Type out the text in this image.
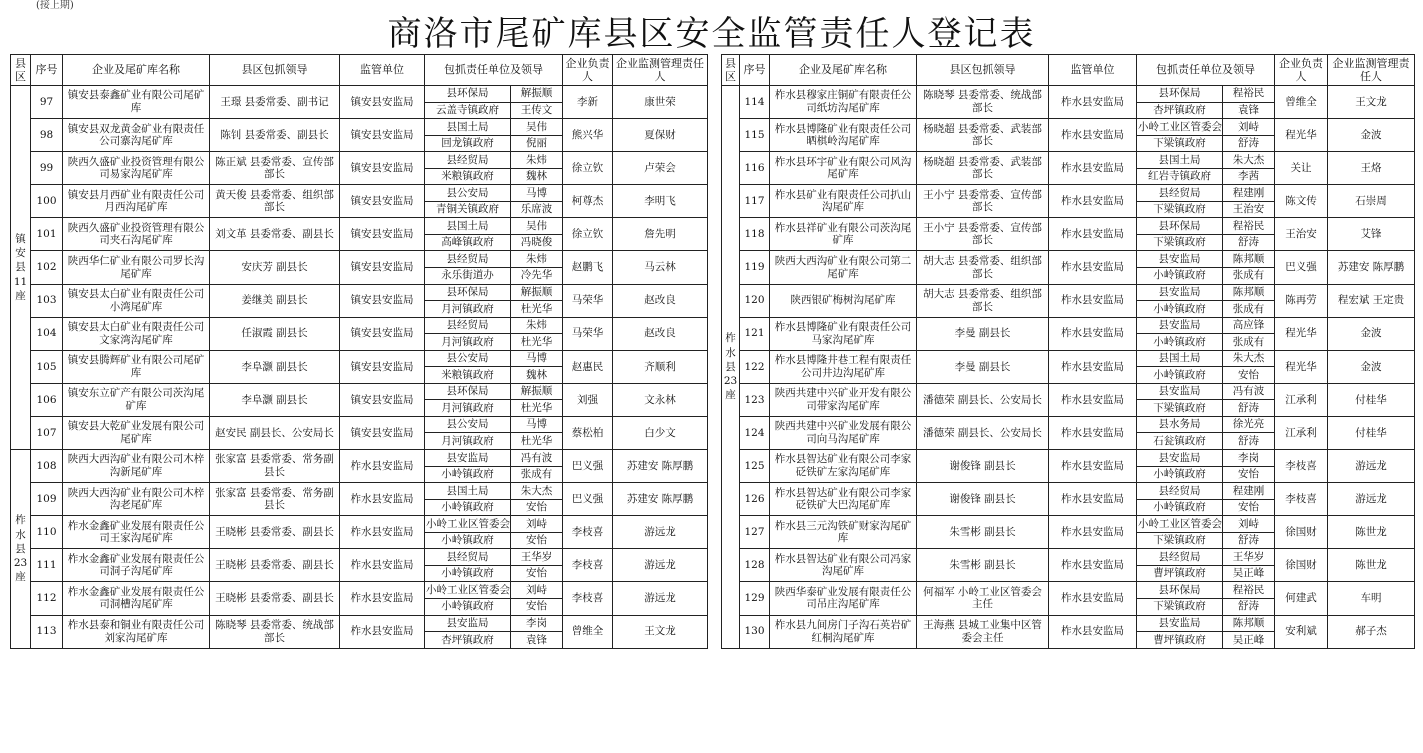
(接上期)
商洛市尾矿库县区安全监管责任人登记表
县区	序号	企业及尾矿库名称	县区包抓领导	监管单位	包抓责任单位及领导		企业负责人	企业监测管理责任人
镇安县11座	97	镇安县泰鑫矿业有限公司尾矿库	王璟 县委常委、副书记	镇安县安监局	县环保局	解振顺	李新	康世荣
					云盖寺镇政府	王传文		
	98	镇安县双龙黄金矿业有限责任公司寨沟尾矿库	陈钊 县委常委、副县长	镇安县安监局	县国土局	吴伟	熊兴华	夏保财
					回龙镇政府	倪丽		
	99	陕西久盛矿业投资管理有限公司易家沟尾矿库	陈正斌 县委常委、宣传部部长	镇安县安监局	县经贸局	朱炜	徐立钦	卢荣会
					米粮镇政府	魏林		
	100	镇安县月西矿业有限责任公司月西沟尾矿库	黄天俊 县委常委、组织部部长	镇安县安监局	县公安局	马博	柯尊杰	李明飞
					青铜关镇政府	乐席波		
	101	陕西久盛矿业投资管理有限公司夹石沟尾矿库	刘文革 县委常委、副县长	镇安县安监局	县国土局	吴伟	徐立钦	詹先明
					高峰镇政府	冯晓俊		
	102	陕西华仁矿业有限公司罗长沟尾矿库	安庆芳 副县长	镇安县安监局	县经贸局	朱炜	赵鹏飞	马云林
					永乐街道办	冷先华		
	103	镇安县太白矿业有限责任公司小湾尾矿库	姜继美 副县长	镇安县安监局	县环保局	解振顺	马荣华	赵改良
					月河镇政府	杜光华		
	104	镇安县太白矿业有限责任公司文家湾沟尾矿库	任淑霞 副县长	镇安县安监局	县经贸局	朱炜	马荣华	赵改良
					月河镇政府	杜光华		
	105	镇安县腾辉矿业有限公司尾矿库	李阜灏 副县长	镇安县安监局	县公安局	马博	赵惠民	齐顺利
					米粮镇政府	魏林		
	106	镇安东立矿产有限公司茨沟尾矿库	李阜灏 副县长	镇安县安监局	县环保局	解振顺	刘强	文永林
					月河镇政府	杜光华		
	107	镇安县大乾矿业发展有限公司尾矿库	赵安民 副县长、公安局长	镇安县安监局	县公安局	马博	蔡松柏	白少文
					月河镇政府	杜光华		
柞水县23座	108	陕西大西沟矿业有限公司木梓沟新尾矿库	张家富 县委常委、常务副县长	柞水县安监局	县安监局	冯有波	巴义强	苏建安 陈厚鹏
					小岭镇政府	张成有		
	109	陕西大西沟矿业有限公司木梓沟老尾矿库	张家富 县委常委、常务副县长	柞水县安监局	县国土局	朱大杰	巴义强	苏建安 陈厚鹏
					小岭镇政府	安怡		
	110	柞水金鑫矿业发展有限责任公司王家沟尾矿库	王晓彬 县委常委、副县长	柞水县安监局	小岭工业区管委会	刘峙	李枝喜	游远龙
					小岭镇政府	安怡		
	111	柞水金鑫矿业发展有限责任公司洞子沟尾矿库	王晓彬 县委常委、副县长	柞水县安监局	县经贸局	王华岁	李枝喜	游远龙
					小岭镇政府	安怡		
	112	柞水金鑫矿业发展有限责任公司洞槽沟尾矿库	王晓彬 县委常委、副县长	柞水县安监局	小岭工业区管委会	刘峙	李枝喜	游远龙
					小岭镇政府	安怡		
	113	柞水县泰和铜业有限责任公司刘家沟尾矿库	陈晓琴 县委常委、统战部部长	柞水县安监局	县安监局	李岗	曾维全	王文龙
					杏坪镇政府	袁锋		
县区	序号	企业及尾矿库名称	县区包抓领导	监管单位	包抓责任单位及领导		企业负责人	企业监测管理责任人
柞水县23座	114	柞水县穆家庄铜矿有限责任公司纸坊沟尾矿库	陈晓琴 县委常委、统战部部长	柞水县安监局	县环保局	程裕民	曾维全	王文龙
					杏坪镇政府	袁锋		
	115	柞水县博隆矿业有限责任公司晒棋岭沟尾矿库	杨晓超 县委常委、武装部部长	柞水县安监局	小岭工业区管委会	刘峙	程光华	金波
					下梁镇政府	舒涛		
	116	柞水县环宇矿业有限公司风沟尾矿库	杨晓超 县委常委、武装部部长	柞水县安监局	县国土局	朱大杰	关让	王烙
					红岩寺镇政府	李茜		
	117	柞水县矿业有限责任公司扒山沟尾矿库	王小宁 县委常委、宣传部部长	柞水县安监局	县经贸局	程建刚	陈文传	石崇周
					下梁镇政府	王治安		
	118	柞水县祥矿业有限公司茨沟尾矿库	王小宁 县委常委、宣传部部长	柞水县安监局	县环保局	程裕民	王治安	艾锋
					下梁镇政府	舒涛		
	119	陕西大西沟矿业有限公司第二尾矿库	胡大志 县委常委、组织部部长	柞水县安监局	县安监局	陈邦顺	巴义强	苏建安 陈厚鹏
					小岭镇政府	张成有		
	120	陕西银矿梅树沟尾矿库	胡大志 县委常委、组织部部长	柞水县安监局	县安监局	陈邦顺	陈再劳	程宏斌 王定贵
					小岭镇政府	张成有		
	121	柞水县博隆矿业有限责任公司马家沟尾矿库	李曼 副县长	柞水县安监局	县安监局	高应锋	程光华	金波
					小岭镇政府	张成有		
	122	柞水县博隆井巷工程有限责任公司井边沟尾矿库	李曼 副县长	柞水县安监局	县国土局	朱大杰	程光华	金波
					小岭镇政府	安怡		
	123	陕西共建中兴矿业开发有限公司带家沟尾矿库	潘德荣 副县长、公安局长	柞水县安监局	县安监局	冯有波	江承利	付桂华
					下梁镇政府	舒涛		
	124	陕西共建中兴矿业发展有限公司向马沟尾矿库	潘德荣 副县长、公安局长	柞水县安监局	县水务局	徐光亮	江承利	付桂华
					石瓮镇政府	舒涛		
	125	柞水县智达矿业有限公司李家砭铁矿左家沟尾矿库	谢俊锋 副县长	柞水县安监局	县安监局	李岗	李枝喜	游远龙
					小岭镇政府	安怡		
	126	柞水县智达矿业有限公司李家砭铁矿大巴沟尾矿库	谢俊锋 副县长	柞水县安监局	县经贸局	程建刚	李枝喜	游远龙
					小岭镇政府	安怡		
	127	柞水县三元沟铁矿财家沟尾矿库	朱雪彬 副县长	柞水县安监局	小岭工业区管委会	刘峙	徐国财	陈世龙
					下梁镇政府	舒涛		
	128	柞水县智达矿业有限公司冯家沟尾矿库	朱雪彬 副县长	柞水县安监局	县经贸局	王华岁	徐国财	陈世龙
					曹坪镇政府	吴正峰		
	129	陕西华泰矿业发展有限责任公司吊庄沟尾矿库	何福军 小岭工业区管委会主任	柞水县安监局	县环保局	程裕民	何建武	车明
					下梁镇政府	舒涛		
	130	柞水县九间房门子沟石英岩矿红桐沟尾矿库	王海燕 县城工业集中区管委会主任	柞水县安监局	县安监局	陈邦顺	安利斌	郝子杰
					曹坪镇政府	吴正峰		
